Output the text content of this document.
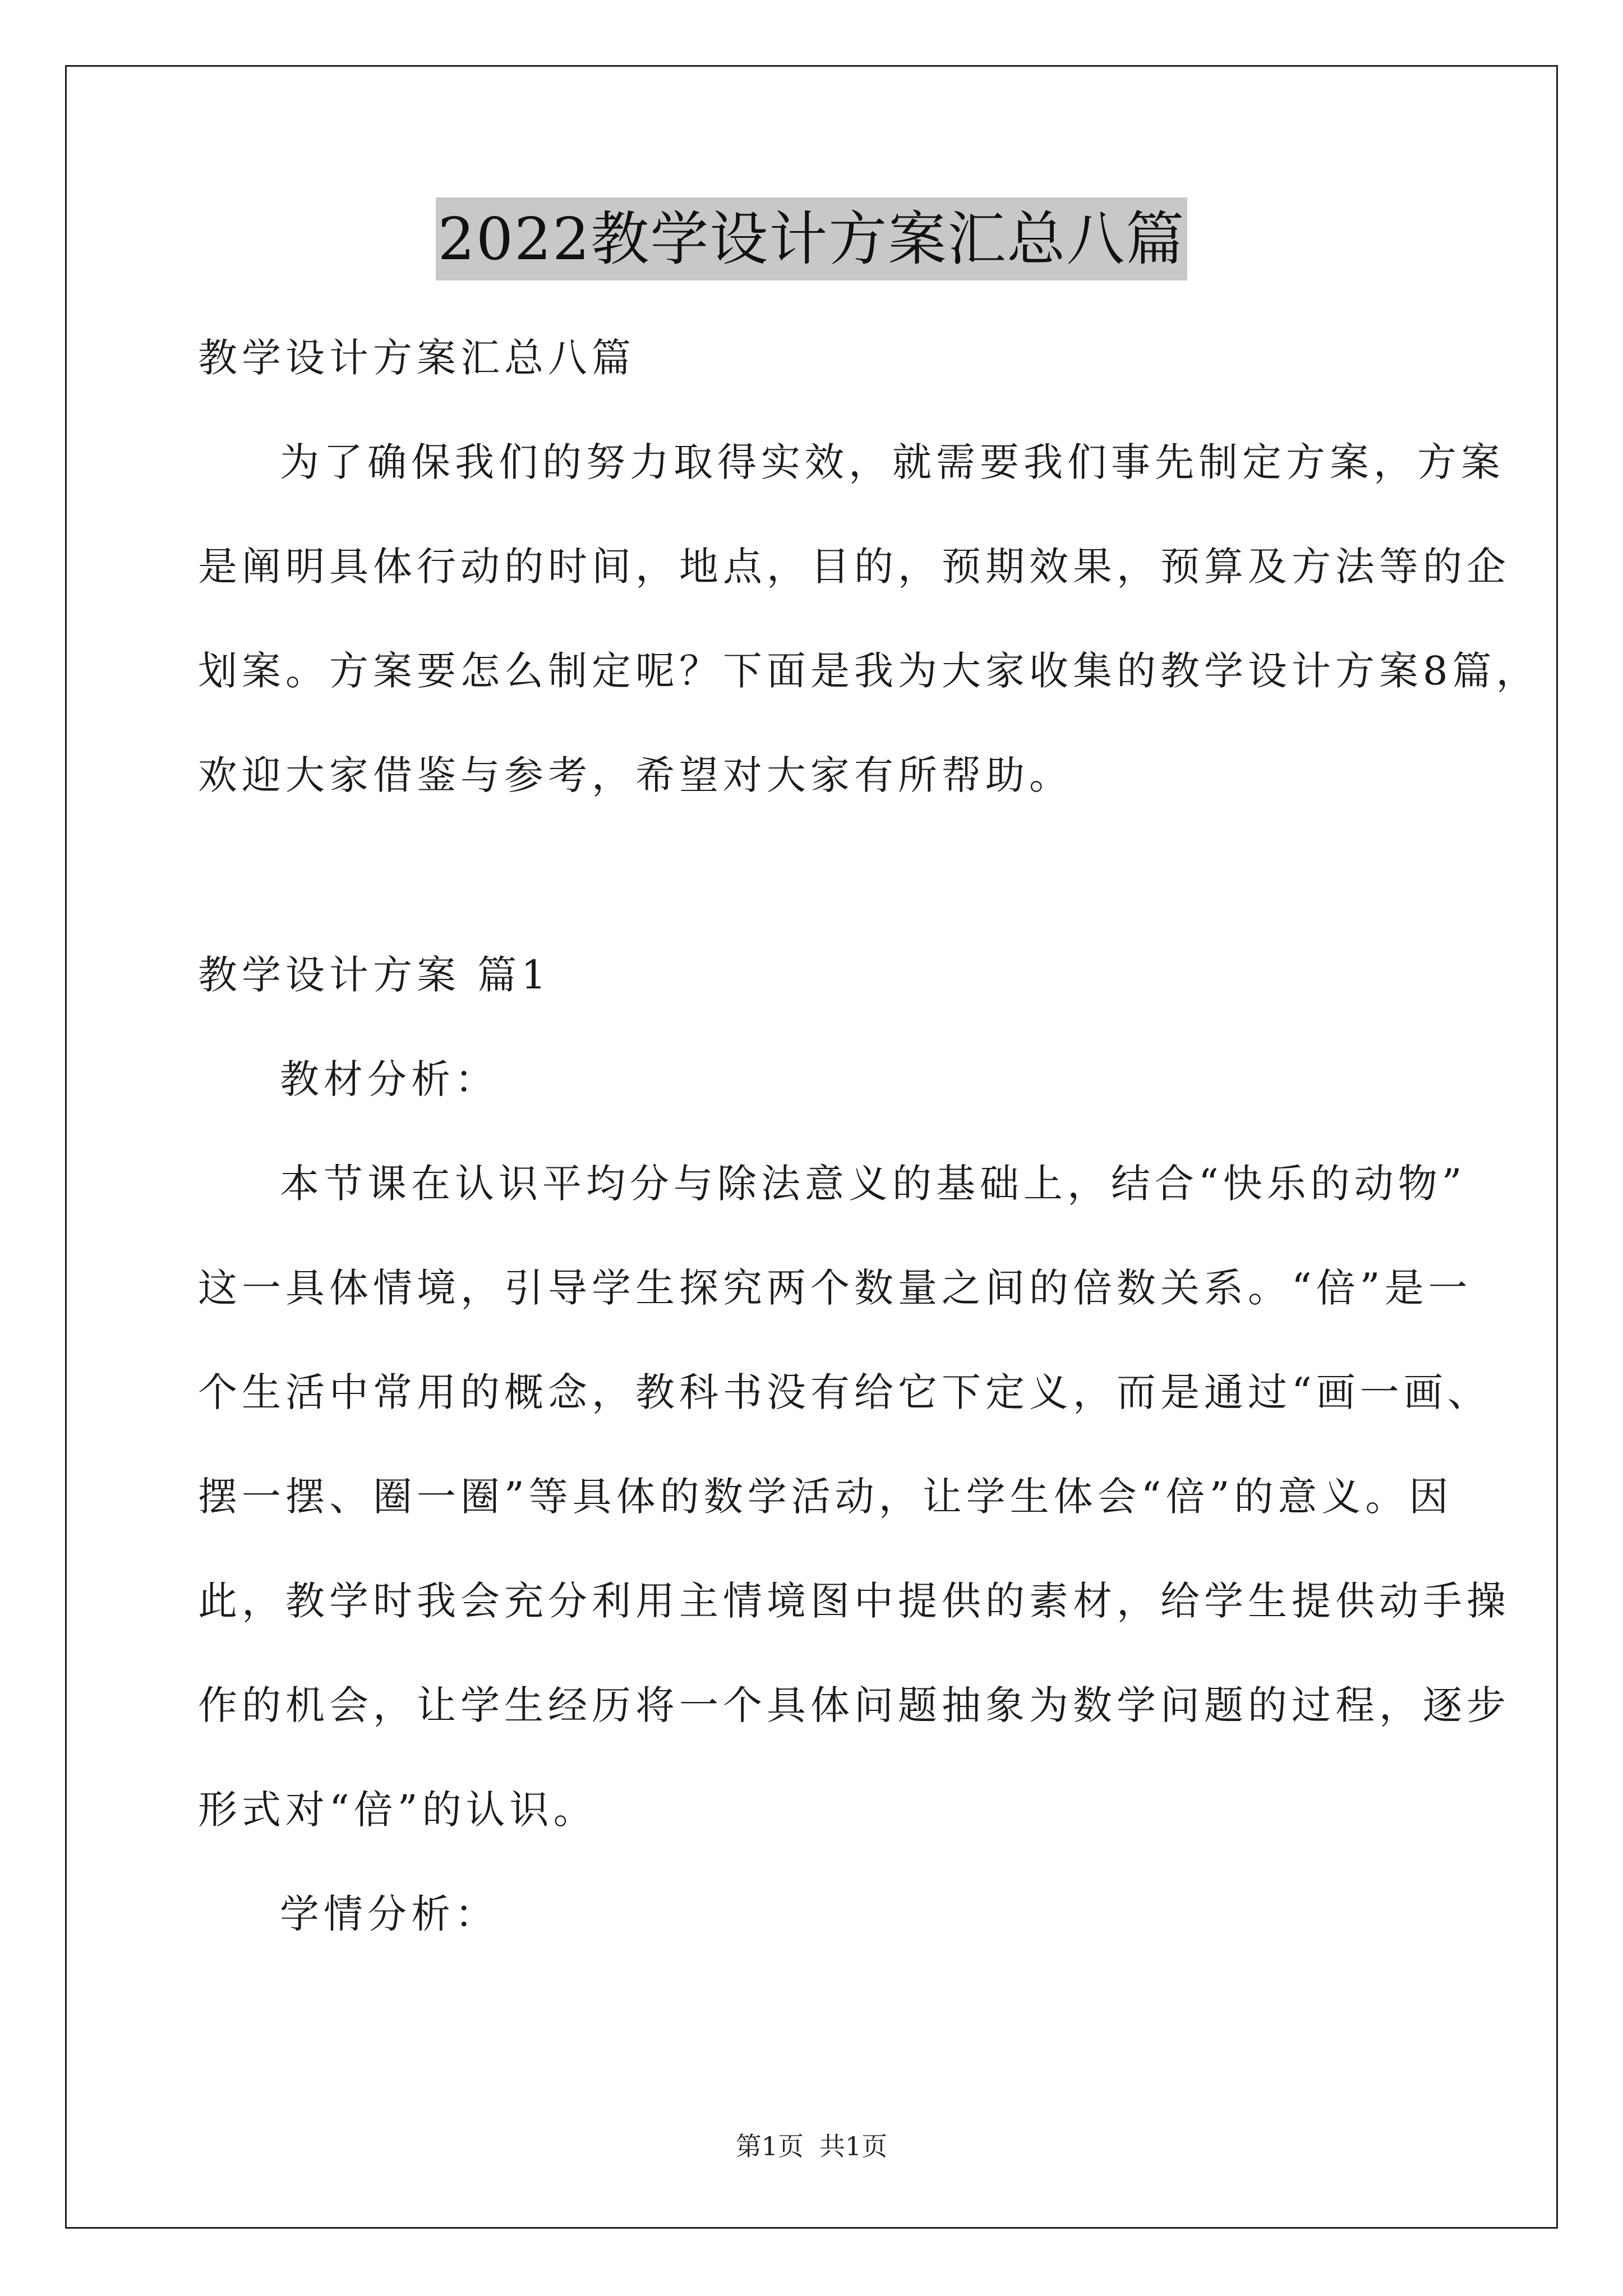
2022教学设计方案汇总八篇
教学设计方案汇总八篇
为了确保我们的努力取得实效，就需要我们事先制定方案，方案
是阐明具体行动的时间，地点，目的，预期效果，预算及方法等的企
划案。方案要怎么制定呢？下面是我为大家收集的教学设计方案8篇，
欢迎大家借鉴与参考，希望对大家有所帮助。
教学设计方案 篇1
教材分析：
本节课在认识平均分与除法意义的基础上，结合“快乐的动物”
这一具体情境，引导学生探究两个数量之间的倍数关系。“倍”是一
个生活中常用的概念，教科书没有给它下定义，而是通过“画一画、
摆一摆、圈一圈”等具体的数学活动，让学生体会“倍”的意义。因
此，教学时我会充分利用主情境图中提供的素材，给学生提供动手操
作的机会，让学生经历将一个具体问题抽象为数学问题的过程，逐步
形式对“倍”的认识。
学情分析：
第1页 共1页
